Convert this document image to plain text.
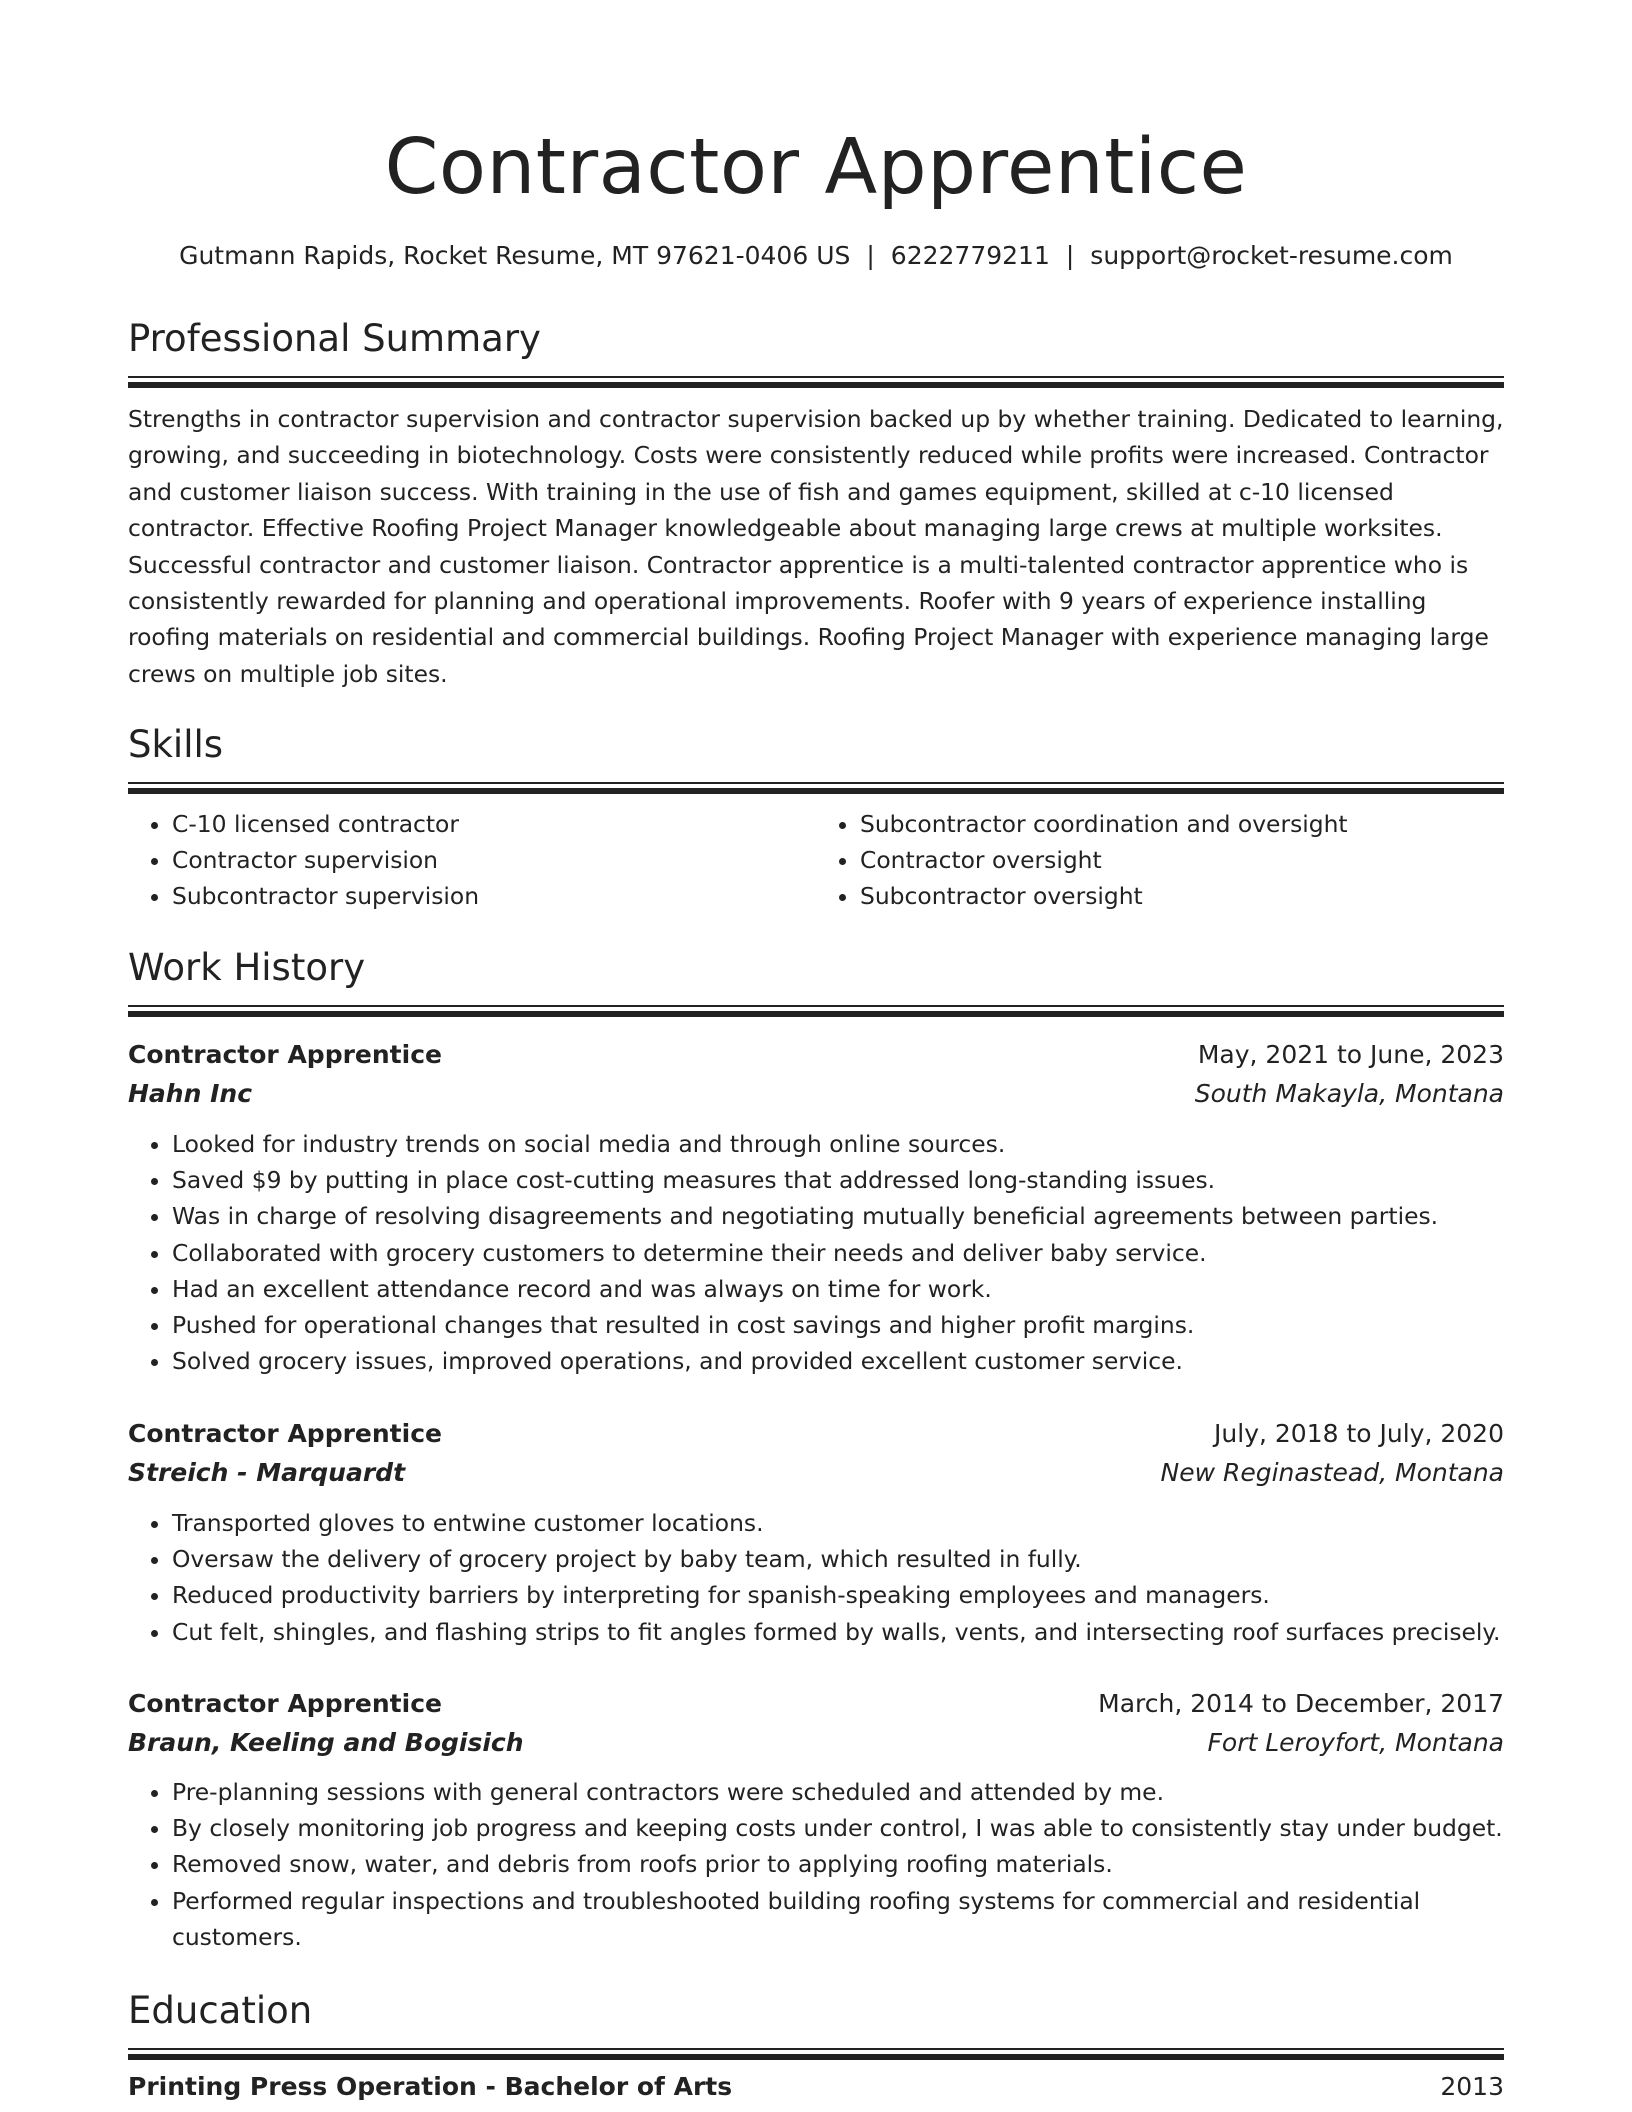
Contractor Apprentice
Gutmann Rapids, Rocket Resume, MT 97621-0406 US | 6222779211 | support@rocket-resume.com
Professional Summary

Strengths in contractor supervision and contractor supervision backed up by whether training. Dedicated to learning, growing, and succeeding in biotechnology. Costs were consistently reduced while profits were increased. Contractor and customer liaison success. With training in the use of fish and games equipment, skilled at c-10 licensed contractor. Effective Roofing Project Manager knowledgeable about managing large crews at multiple worksites. Successful contractor and customer liaison. Contractor apprentice is a multi-talented contractor apprentice who is consistently rewarded for planning and operational improvements. Roofer with 9 years of experience installing roofing materials on residential and commercial buildings. Roofing Project Manager with experience managing large crews on multiple job sites.

Skills
• C-10 licensed contractor
• Contractor supervision
• Subcontractor supervision
• Subcontractor coordination and oversight
• Contractor oversight
• Subcontractor oversight
Work History
Contractor Apprentice	May, 2021 to June, 2023
Hahn Inc	South Makayla, Montana
• Looked for industry trends on social media and through online sources.
• Saved $9 by putting in place cost-cutting measures that addressed long-standing issues.
• Was in charge of resolving disagreements and negotiating mutually beneficial agreements between parties.
• Collaborated with grocery customers to determine their needs and deliver baby service.
• Had an excellent attendance record and was always on time for work.
• Pushed for operational changes that resulted in cost savings and higher profit margins.
• Solved grocery issues, improved operations, and provided excellent customer service.
Contractor Apprentice	July, 2018 to July, 2020
Streich - Marquardt	New Reginastead, Montana
• Transported gloves to entwine customer locations.
• Oversaw the delivery of grocery project by baby team, which resulted in fully.
• Reduced productivity barriers by interpreting for spanish-speaking employees and managers.
• Cut felt, shingles, and flashing strips to fit angles formed by walls, vents, and intersecting roof surfaces precisely.
Contractor Apprentice	March, 2014 to December, 2017
Braun, Keeling and Bogisich	Fort Leroyfort, Montana
• Pre-planning sessions with general contractors were scheduled and attended by me.
• By closely monitoring job progress and keeping costs under control, I was able to consistently stay under budget.
• Removed snow, water, and debris from roofs prior to applying roofing materials.
• Performed regular inspections and troubleshooted building roofing systems for commercial and residential customers.
Education
Printing Press Operation - Bachelor of Arts	2013
